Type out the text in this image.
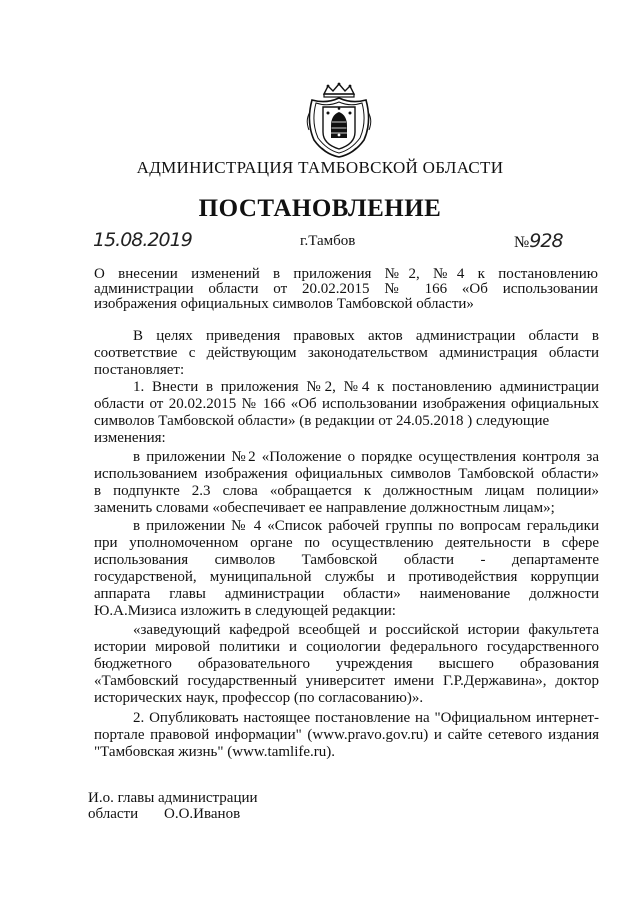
АДМИНИСТРАЦИЯ ТАМБОВСКОЙ ОБЛАСТИ
ПОСТАНОВЛЕНИЕ
15.08.2019	г.Тамбов	№928
О внесении изменений в приложения №2, №4 к постановлению
администрации области от 20.02.2015 № 166 «Об использовании
изображения официальных символов Тамбовской области»
В целях приведения правовых актов администрации области в
соответствие с действующим законодательством администрация области
постановляет:
1. Внести в приложения №2, №4 к постановлению администрации
области от 20.02.2015 № 166 «Об использовании изображения официальных
символов Тамбовской области» (в редакции от 24.05.2018 ) следующие
изменения:
в приложении №2 «Положение о порядке осуществления контроля за
использованием изображения официальных символов Тамбовской области»
в подпункте 2.3 слова «обращается к должностным лицам полиции»
заменить словами «обеспечивает ее направление должностным лицам»;
в приложении № 4 «Список рабочей группы по вопросам геральдики
при уполномоченном органе по осуществлению деятельности в сфере
использования символов Тамбовской области - департаменте
государственой, муниципальной службы и противодействия коррупции
аппарата главы администрации области» наименование должности
Ю.А.Мизиса изложить в следующей редакции:
«заведующий кафедрой всеобщей и российской истории факультета
истории мировой политики и социологии федерального государственного
бюджетного образовательного учреждения высшего образования
«Тамбовский государственный университет имени Г.Р.Державина», доктор
исторических наук, профессор (по согласованию)».
2. Опубликовать настоящее постановление на "Официальном интернет-
портале правовой информации" (www.pravo.gov.ru) и сайте сетевого издания
"Тамбовская жизнь" (www.tamlife.ru).
И.о. главы администрации
области О.О.Иванов
